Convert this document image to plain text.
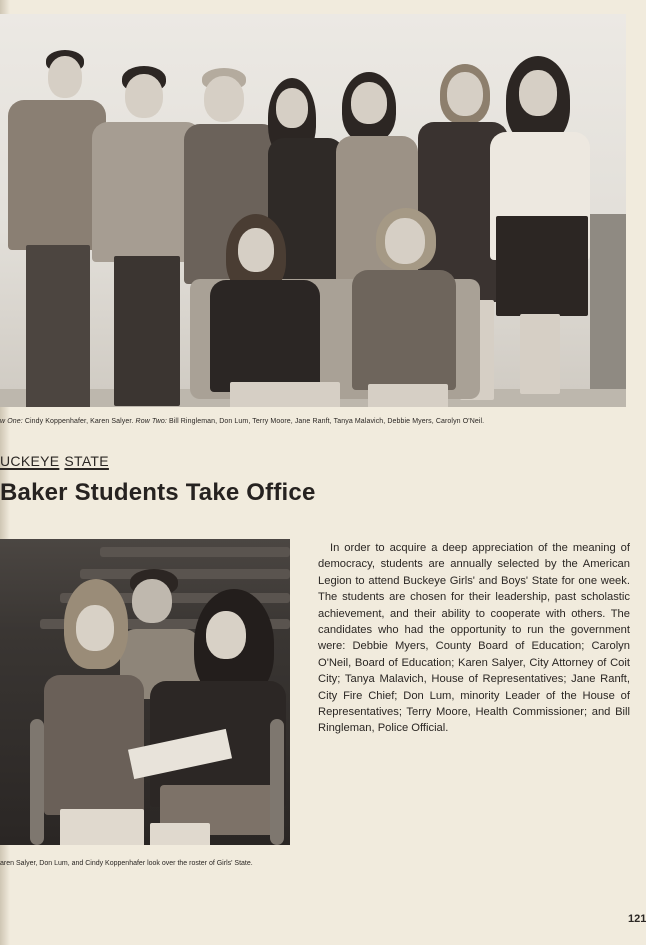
w One: Cindy Koppenhafer, Karen Salyer. Row Two: Bill Ringleman, Don Lum, Terry Moore, Jane Ranft, Tanya Malavich, Debbie Myers, Carolyn O'Neil.
UCKEYE STATE
Baker Students Take Office
aren Salyer, Don Lum, and Cindy Koppenhafer look over the roster of Girls' State.

In order to acquire a deep appreciation of the meaning of democracy, students are annually selected by the American Legion to attend Buckeye Girls' and Boys' State for one week. The students are chosen for their leadership, past scholastic achievement, and their ability to cooperate with others. The candidates who had the opportunity to run the government were: Debbie Myers, County Board of Education; Carolyn O'Neil, Board of Education; Karen Salyer, City Attorney of Coit City; Tanya Malavich, House of Representatives; Jane Ranft, City Fire Chief; Don Lum, minority Leader of the House of Representatives; Terry Moore, Health Commissioner; and Bill Ringleman, Police Official.

121
